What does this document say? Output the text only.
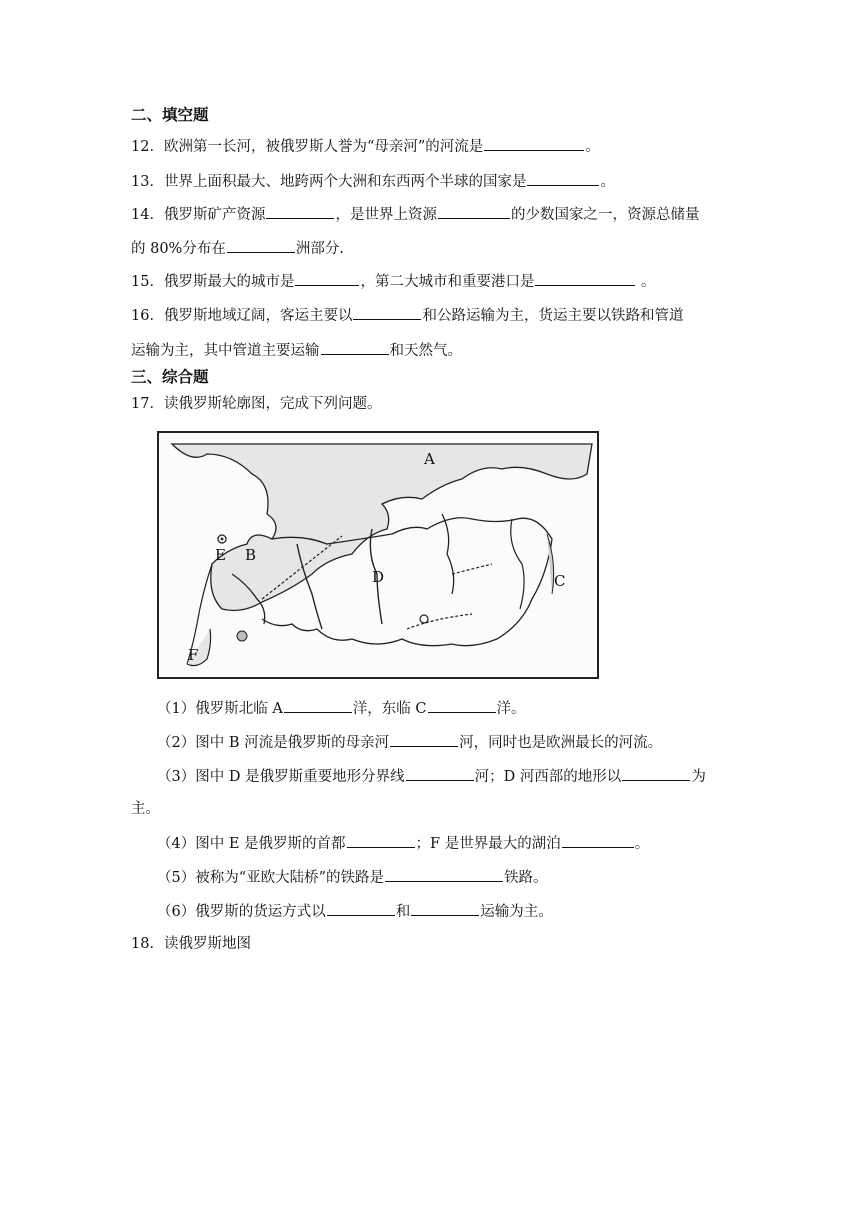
二、填空题
12．欧洲第一长河，被俄罗斯人誉为“母亲河”的河流是	。
13．世界上面积最大、地跨两个大洲和东西两个半球的国家是	。
14．俄罗斯矿产资源	，是世界上资源	的少数国家之一，资源总储量
的 80%分布在	洲部分.
15．俄罗斯最大的城市是	，第二大城市和重要港口是	。
16．俄罗斯地域辽阔，客运主要以	和公路运输为主，货运主要以铁路和管道
运输为主，其中管道主要运输	和天然气。
三、综合题
17．读俄罗斯轮廓图，完成下列问题。
A
B
C
D
E
F
（1）俄罗斯北临 A	洋，东临 C	洋。
（2）图中 B 河流是俄罗斯的母亲河	河，同时也是欧洲最长的河流。
（3）图中 D 是俄罗斯重要地形分界线	河；D 河西部的地形以	为
主。
（4）图中 E 是俄罗斯的首都	；F 是世界最大的湖泊	。
（5）被称为“亚欧大陆桥”的铁路是	铁路。
（6）俄罗斯的货运方式以	和	运输为主。
18．读俄罗斯地图
